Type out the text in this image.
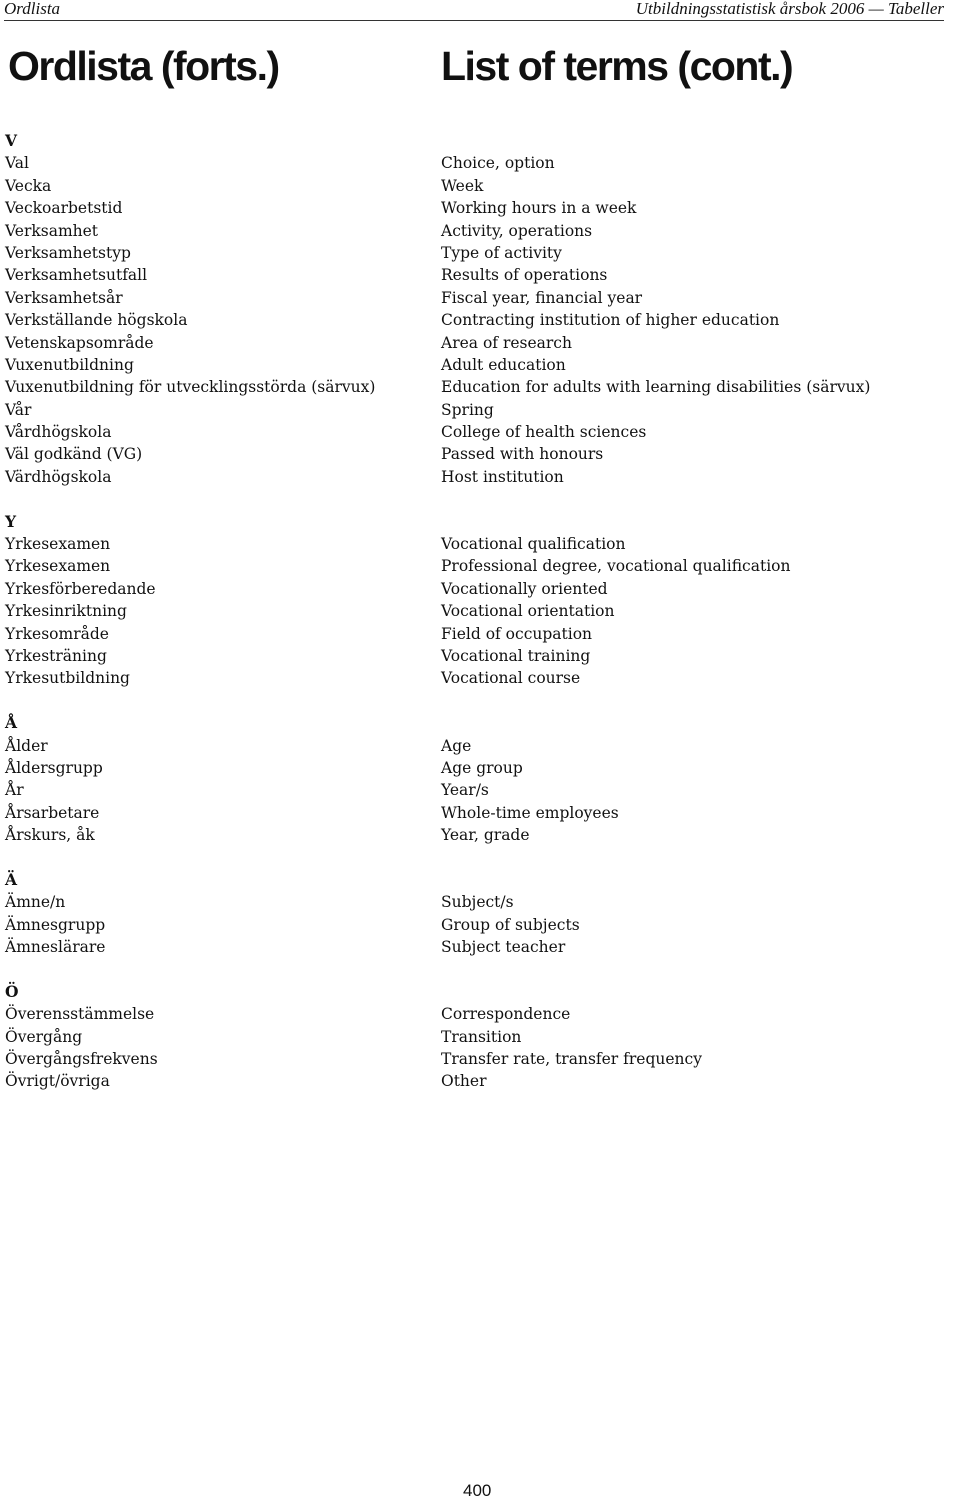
Ordlista	Utbildningsstatistisk årsbok 2006 — Tabeller
Ordlista (forts.)	List of terms (cont.)
V
Val
Vecka
Veckoarbetstid
Verksamhet
Verksamhetstyp
Verksamhetsutfall
Verksamhetsår
Verkställande högskola
Vetenskapsområde
Vuxenutbildning
Vuxenutbildning för utvecklingsstörda (särvux)
Vår
Vårdhögskola
Väl godkänd (VG)
Värdhögskola
Y
Yrkesexamen
Yrkesexamen
Yrkesförberedande
Yrkesinriktning
Yrkesområde
Yrkesträning
Yrkesutbildning
Å
Ålder
Åldersgrupp
År
Årsarbetare
Årskurs, åk
Ä
Ämne/n
Ämnesgrupp
Ämneslärare
Ö
Överensstämmelse
Övergång
Övergångsfrekvens
Övrigt/övriga
Choice, option
Week
Working hours in a week
Activity, operations
Type of activity
Results of operations
Fiscal year, financial year
Contracting institution of higher education
Area of research
Adult education
Education for adults with learning disabilities (särvux)
Spring
College of health sciences
Passed with honours
Host institution
Vocational qualification
Professional degree, vocational qualification
Vocationally oriented
Vocational orientation
Field of occupation
Vocational training
Vocational course
Age
Age group
Year/s
Whole-time employees
Year, grade
Subject/s
Group of subjects
Subject teacher
Correspondence
Transition
Transfer rate, transfer frequency
Other
400
